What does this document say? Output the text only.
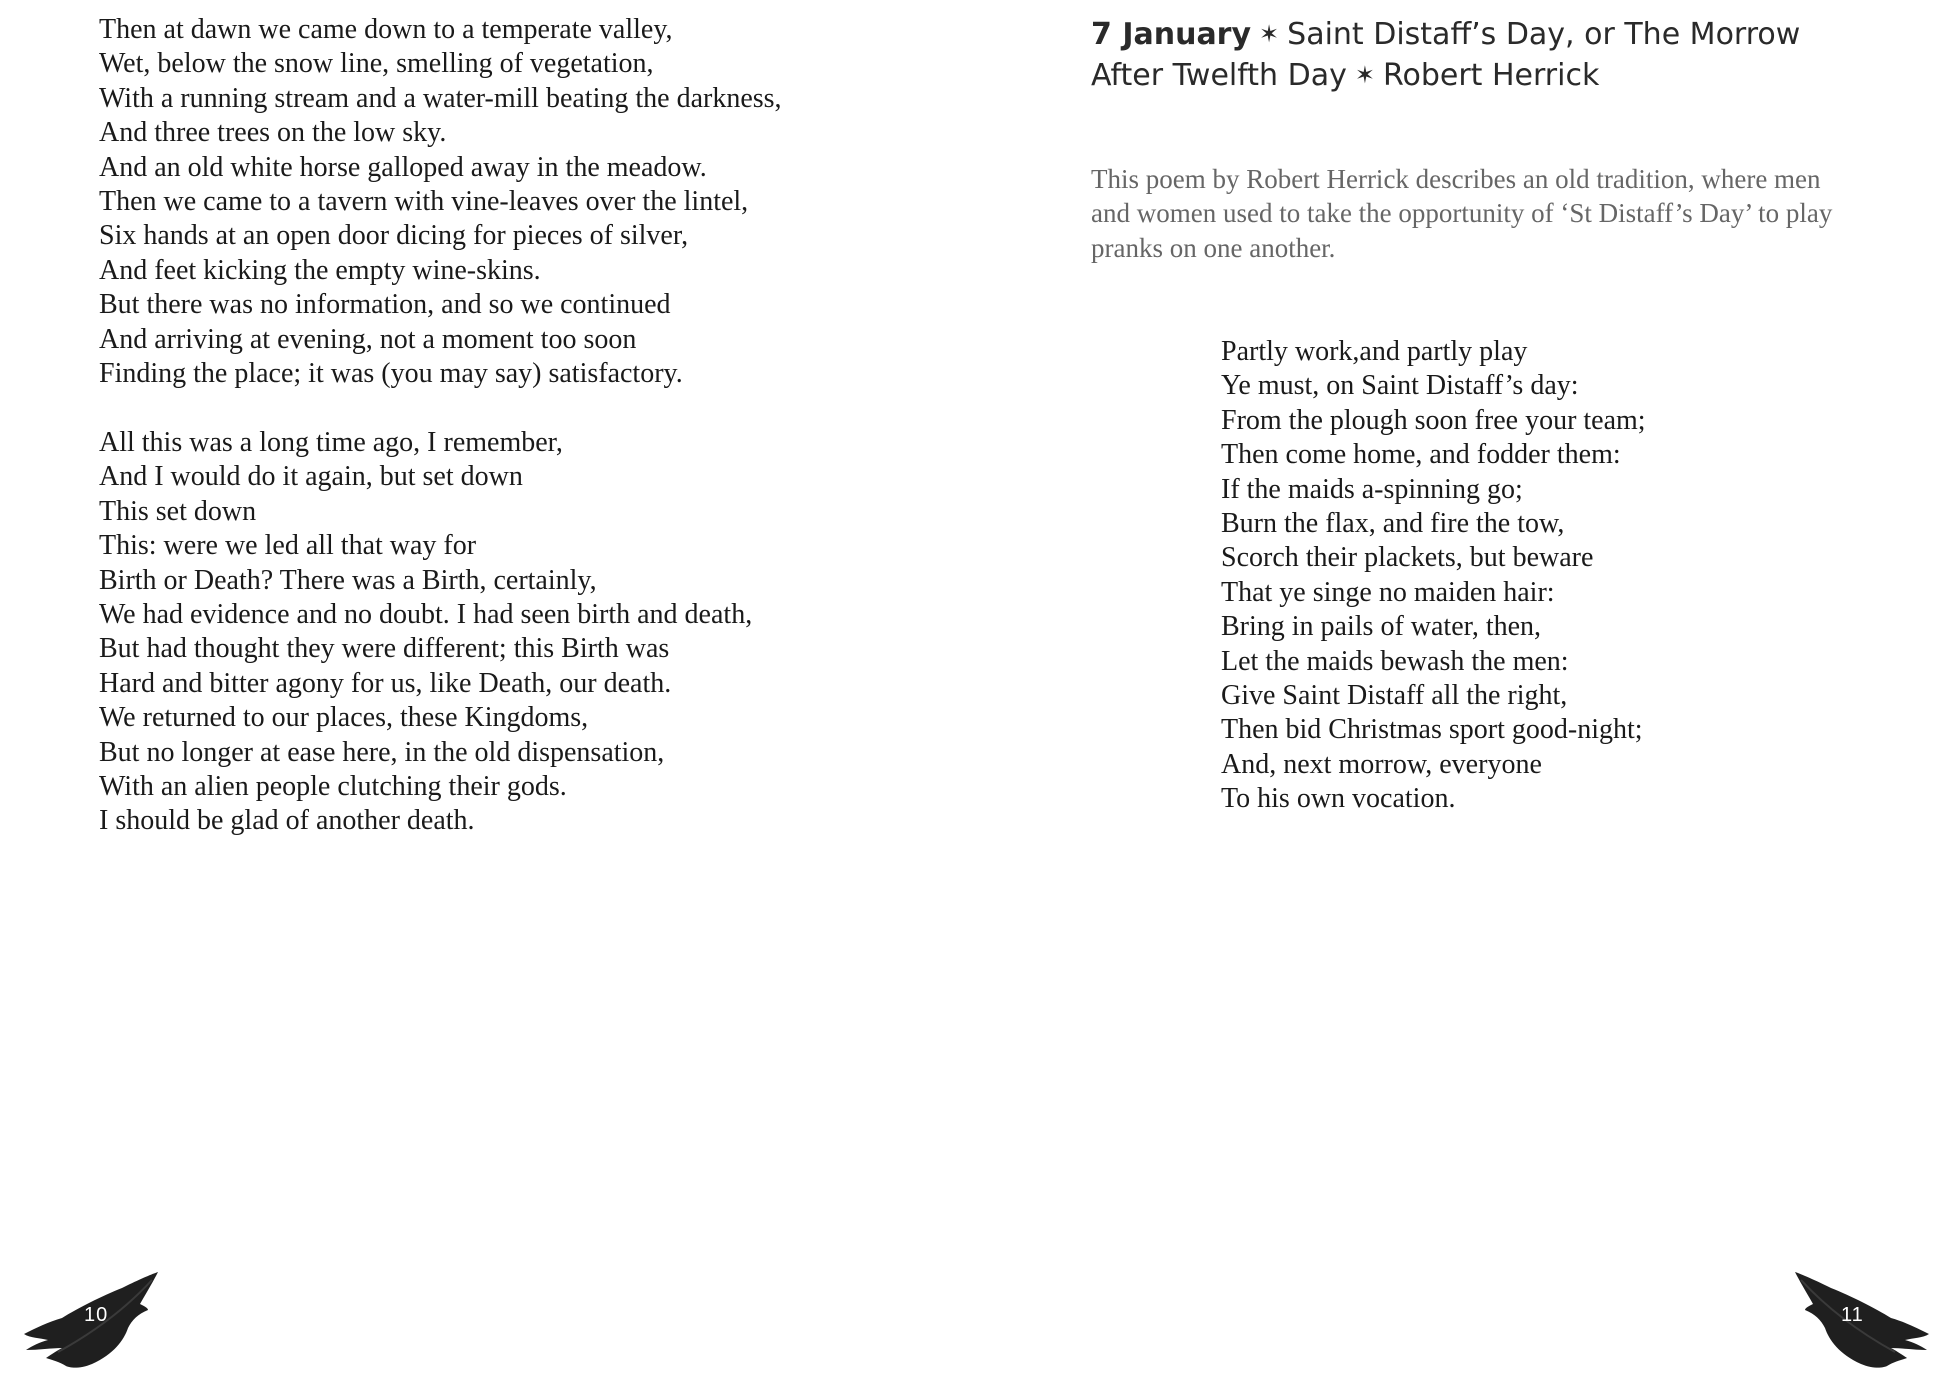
Then at dawn we came down to a temperate valley,
Wet, below the snow line, smelling of vegetation,
With a running stream and a water-mill beating the darkness,
And three trees on the low sky.
And an old white horse galloped away in the meadow.
Then we came to a tavern with vine-leaves over the lintel,
Six hands at an open door dicing for pieces of silver,
And feet kicking the empty wine-skins.
But there was no information, and so we continued
And arriving at evening, not a moment too soon
Finding the place; it was (you may say) satisfactory.
All this was a long time ago, I remember,
And I would do it again, but set down
This set down
This: were we led all that way for
Birth or Death? There was a Birth, certainly,
We had evidence and no doubt. I had seen birth and death,
But had thought they were different; this Birth was
Hard and bitter agony for us, like Death, our death.
We returned to our places, these Kingdoms,
But no longer at ease here, in the old dispensation,
With an alien people clutching their gods.
I should be glad of another death.
10
7 January ✶ Saint Distaff’s Day, or The Morrow
After Twelfth Day ✶ Robert Herrick

This poem by Robert Herrick describes an old tradition, where men and women used to take the opportunity of ‘St Distaff’s Day’ to play pranks on one another.

Partly work,and partly play
Ye must, on Saint Distaff’s day:
From the plough soon free your team;
Then come home, and fodder them:
If the maids a-spinning go;
Burn the flax, and fire the tow,
Scorch their plackets, but beware
That ye singe no maiden hair:
Bring in pails of water, then,
Let the maids bewash the men:
Give Saint Distaff all the right,
Then bid Christmas sport good-night;
And, next morrow, everyone
To his own vocation.
11
